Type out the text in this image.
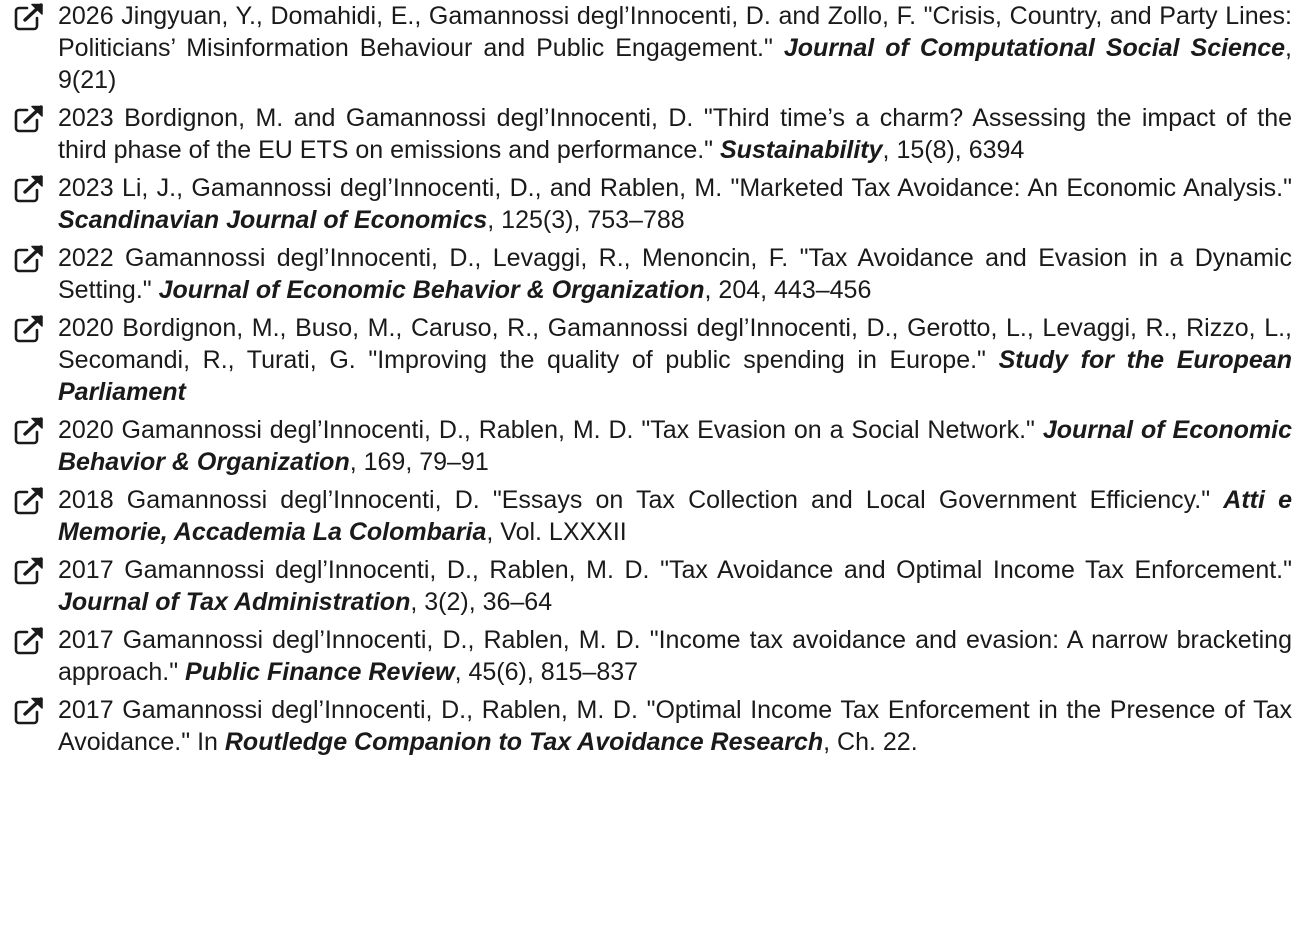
2026 Jingyuan, Y., Domahidi, E., Gamannossi degl’Innocenti, D. and Zollo, F. "Crisis, Country, and Party Lines: Politicians’ Misinformation Behaviour and Public Engagement." Journal of Computational Social Science, 9(21)
2023 Bordignon, M. and Gamannossi degl’Innocenti, D. "Third time’s a charm? Assessing the impact of the third phase of the EU ETS on emissions and performance." Sustainability, 15(8), 6394
2023 Li, J., Gamannossi degl’Innocenti, D., and Rablen, M. "Marketed Tax Avoidance: An Economic Analysis." Scandinavian Journal of Economics, 125(3), 753–788
2022 Gamannossi degl’Innocenti, D., Levaggi, R., Menoncin, F. "Tax Avoidance and Evasion in a Dynamic Setting." Journal of Economic Behavior & Organization, 204, 443–456
2020 Bordignon, M., Buso, M., Caruso, R., Gamannossi degl’Innocenti, D., Gerotto, L., Levaggi, R., Rizzo, L., Secomandi, R., Turati, G. "Improving the quality of public spending in Europe." Study for the European Parliament
2020 Gamannossi degl’Innocenti, D., Rablen, M. D. "Tax Evasion on a Social Network." Journal of Economic Behavior & Organization, 169, 79–91
2018 Gamannossi degl’Innocenti, D. "Essays on Tax Collection and Local Government Efficiency." Atti e Memorie, Accademia La Colombaria, Vol. LXXXII
2017 Gamannossi degl’Innocenti, D., Rablen, M. D. "Tax Avoidance and Optimal Income Tax Enforcement." Journal of Tax Administration, 3(2), 36–64
2017 Gamannossi degl’Innocenti, D., Rablen, M. D. "Income tax avoidance and evasion: A narrow bracketing approach." Public Finance Review, 45(6), 815–837
2017 Gamannossi degl’Innocenti, D., Rablen, M. D. "Optimal Income Tax Enforcement in the Presence of Tax Avoidance." In Routledge Companion to Tax Avoidance Research, Ch. 22.
